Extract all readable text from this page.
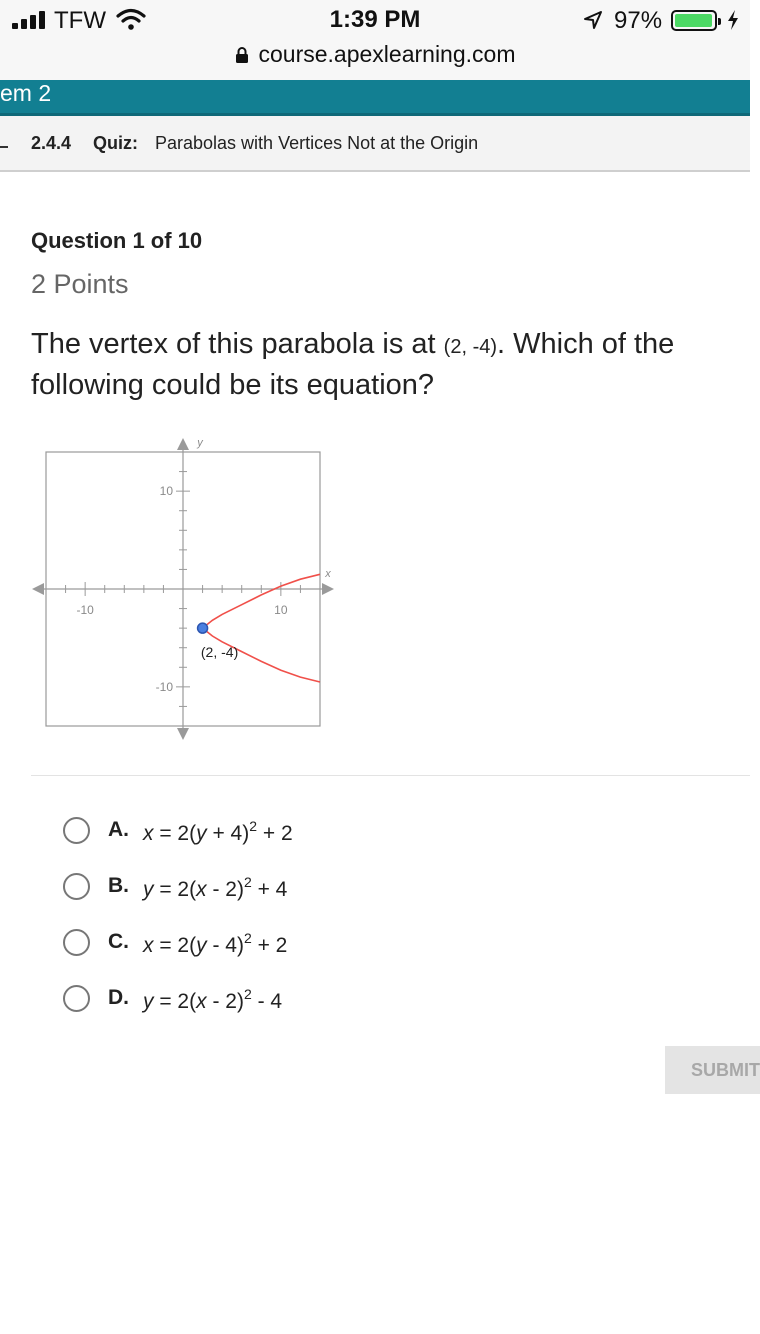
TFW	1:39 PM	97%
course.apexlearning.com
em 2
2.4.4 Quiz: Parabolas with Vertices Not at the Origin
Question 1 of 10
2 Points
The vertex of this parabola is at (2, -4). Which of the following could be its equation?
-10	10
10
-10
x
y
(2, -4)
A. $x = 2(y + 4)^2 + 2$
B. y = 2(x - 2)$^2$ + 4
C. x = 2(y - 4)$^2$ + 2
D. y = 2(x - 2)$^2$ - 4
SUBMIT
